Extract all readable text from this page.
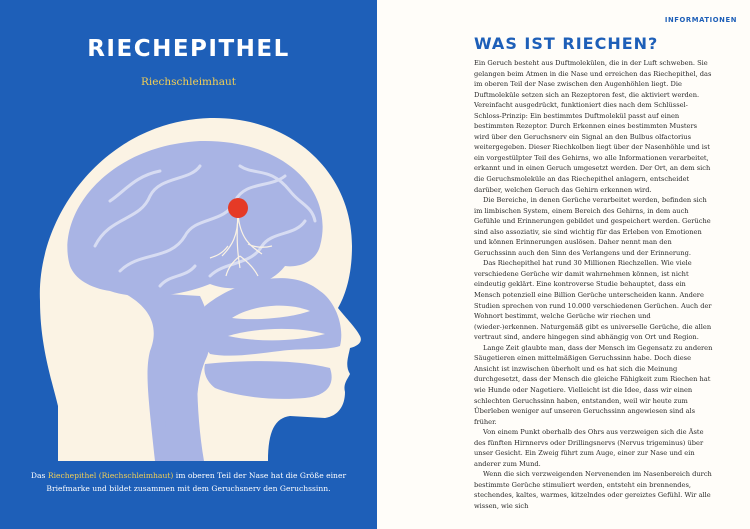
RIECHEPITHEL
Riechschleimhaut
Das Riechepithel (Riechschleimhaut) im oberen Teil der Nase hat die Größe einer Briefmarke und bildet zusammen mit dem Geruchsnerv den Geruchssinn.
INFORMATIONEN
WAS IST RIECHEN?

Ein Geruch besteht aus Duftmolekülen, die in der Luft schweben. Sie gelangen beim Atmen in die Nase und erreichen das Riechepithel, das im oberen Teil der Nase zwischen den Augenhöhlen liegt. Die Duftmoleküle setzen sich an Rezeptoren fest, die aktiviert werden. Vereinfacht ausgedrückt, funktioniert dies nach dem Schlüssel-Schloss-Prinzip: Ein bestimmtes Duftmolekül passt auf einen bestimmten Rezeptor. Durch Erkennen eines bestimmten Musters wird über den Geruchsnerv ein Signal an den Bulbus olfactorius weitergegeben. Dieser Riechkolben liegt über der Nasenhöhle und ist ein vorgestülpter Teil des Gehirns, wo alle Informationen verarbeitet, erkannt und in einen Geruch umgesetzt werden. Der Ort, an dem sich die Geruchsmoleküle an das Riechepithel anlagern, entscheidet darüber, welchen Geruch das Gehirn erkennen wird.

Die Bereiche, in denen Gerüche verarbeitet werden, befinden sich im limbischen System, einem Bereich des Gehirns, in dem auch Gefühle und Erinnerungen gebildet und gespeichert werden. Gerüche sind also assoziativ, sie sind wichtig für das Erleben von Emotionen und können Erinnerungen auslösen. Daher nennt man den Geruchssinn auch den Sinn des Verlangens und der Erinnerung.

Das Riechepithel hat rund 30 Millionen Riechzellen. Wie viele verschiedene Gerüche wir damit wahrnehmen können, ist nicht eindeutig geklärt. Eine kontroverse Studie behauptet, dass ein Mensch potenziell eine Billion Gerüche unterscheiden kann. Andere Studien sprechen von rund 10.000 verschiedenen Gerüchen. Auch der Wohnort bestimmt, welche Gerüche wir riechen und (wieder-)erkennen. Naturgemäß gibt es universelle Gerüche, die allen vertraut sind, andere hingegen sind abhängig von Ort und Region.

Lange Zeit glaubte man, dass der Mensch im Gegensatz zu anderen Säugetieren einen mittelmäßigen Geruchssinn habe. Doch diese Ansicht ist inzwischen überholt und es hat sich die Meinung durchgesetzt, dass der Mensch die gleiche Fähigkeit zum Riechen hat wie Hunde oder Nagetiere. Vielleicht ist die Idee, dass wir einen schlechten Geruchssinn haben, entstanden, weil wir heute zum Überleben weniger auf unseren Geruchssinn angewiesen sind als früher.

Von einem Punkt oberhalb des Ohrs aus verzweigen sich die Äste des fünften Hirnnervs oder Drillingsnervs (Nervus trigeminus) über unser Gesicht. Ein Zweig führt zum Auge, einer zur Nase und ein anderer zum Mund.

Wenn die sich verzweigenden Nervenenden im Nasenbereich durch bestimmte Gerüche stimuliert werden, entsteht ein brennendes, stechendes, kaltes, warmes, kitzelndes oder gereiztes Gefühl. Wir alle wissen, wie sich
